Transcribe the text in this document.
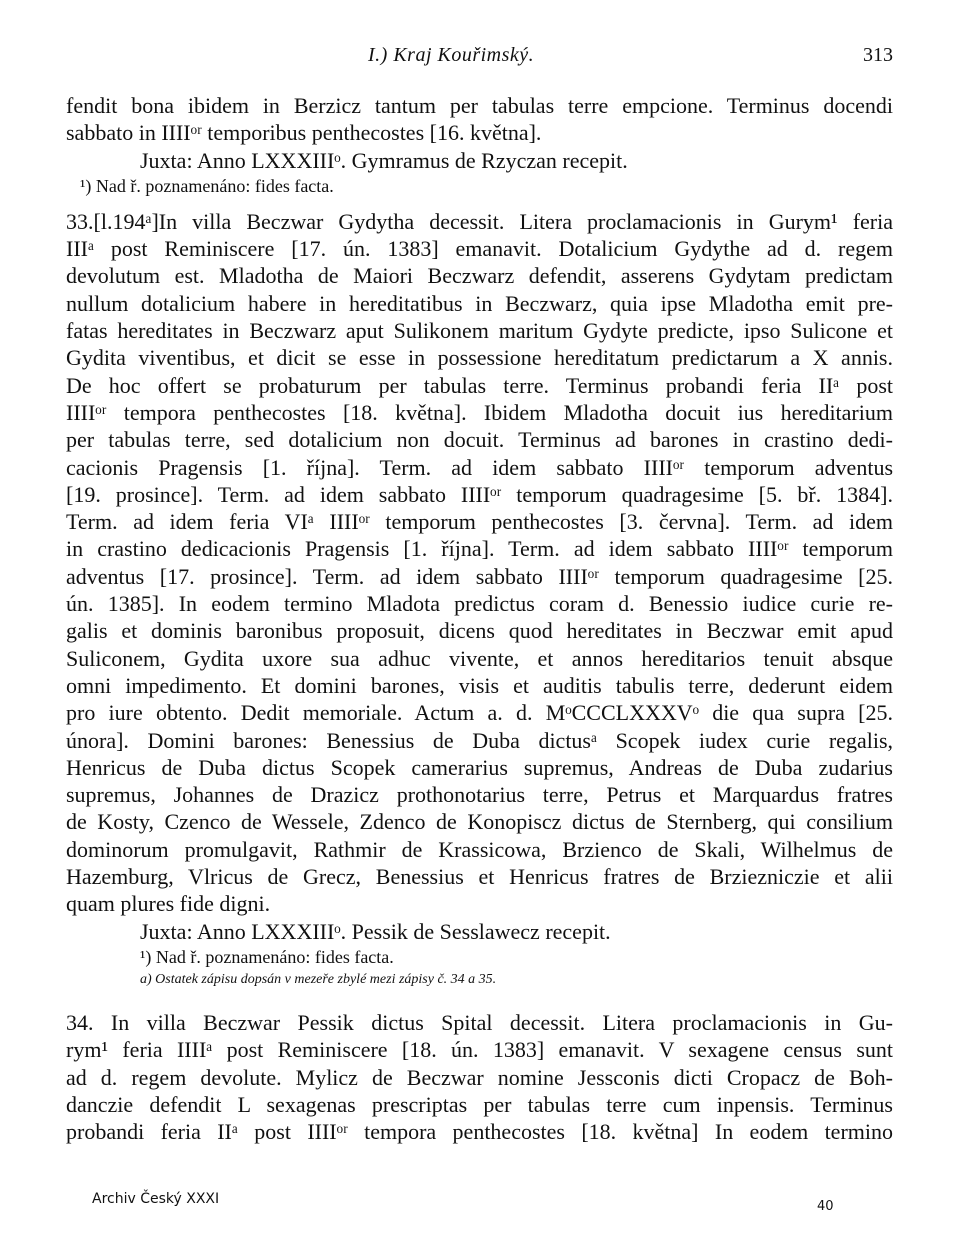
I.) Kraj Kouřimský.	313
fendit bona ibidem in Berzicz tantum per tabulas terre empcione. Terminus docendi
sabbato in IIIIᵒʳ temporibus penthecostes [16. května].
Juxta: Anno LXXXIIIᵒ. Gymramus de Rzyczan recepit.
¹) Nad ř. poznamenáno: fides facta.
33.[l.194ᵃ]In villa Beczwar Gydytha decessit. Litera proclamacionis in Gurym¹ feria
IIIᵃ post Reminiscere [17. ún. 1383] emanavit. Dotalicium Gydythe ad d. regem
devolutum est. Mladotha de Maiori Beczwarz defendit, asserens Gydytam predictam
nullum dotalicium habere in hereditatibus in Beczwarz, quia ipse Mladotha emit pre-
fatas hereditates in Beczwarz aput Sulikonem maritum Gydyte predicte, ipso Sulicone et
Gydita viventibus, et dicit se esse in possessione hereditatum predictarum a X annis.
De hoc offert se probaturum per tabulas terre. Terminus probandi feria IIᵃ post
IIIIᵒʳ tempora penthecostes [18. května]. Ibidem Mladotha docuit ius hereditarium
per tabulas terre, sed dotalicium non docuit. Terminus ad barones in crastino dedi-
cacionis Pragensis [1. října]. Term. ad idem sabbato IIIIᵒʳ temporum adventus
[19. prosince]. Term. ad idem sabbato IIIIᵒʳ temporum quadragesime [5. bř. 1384].
Term. ad idem feria VIᵃ IIIIᵒʳ temporum penthecostes [3. června]. Term. ad idem
in crastino dedicacionis Pragensis [1. října]. Term. ad idem sabbato IIIIᵒʳ temporum
adventus [17. prosince]. Term. ad idem sabbato IIIIᵒʳ temporum quadragesime [25.
ún. 1385]. In eodem termino Mladota predictus coram d. Benessio iudice curie re-
galis et dominis baronibus proposuit, dicens quod hereditates in Beczwar emit apud
Suliconem, Gydita uxore sua adhuc vivente, et annos hereditarios tenuit absque
omni impedimento. Et domini barones, visis et auditis tabulis terre, dederunt eidem
pro iure obtento. Dedit memoriale. Actum a. d. MᵒCCCLXXXVᵒ die qua supra [25.
února]. Domini barones: Benessius de Duba dictusᵃ Scopek iudex curie regalis,
Henricus de Duba dictus Scopek camerarius supremus, Andreas de Duba zudarius
supremus, Johannes de Drazicz prothonotarius terre, Petrus et Marquardus fratres
de Kosty, Czenco de Wessele, Zdenco de Konopiscz dictus de Sternberg, qui consilium
dominorum promulgavit, Rathmir de Krassicowa, Brzienco de Skali, Wilhelmus de
Hazemburg, Vlricus de Grecz, Benessius et Henricus fratres de Brziezniczie et alii
quam plures fide digni.
Juxta: Anno LXXXIIIᵒ. Pessik de Sesslawecz recepit.
¹) Nad ř. poznamenáno: fides facta.
a) Ostatek zápisu dopsán v mezeře zbylé mezi zápisy č. 34 a 35.
34. In villa Beczwar Pessik dictus Spital decessit. Litera proclamacionis in Gu-
rym¹ feria IIIIᵃ post Reminiscere [18. ún. 1383] emanavit. V sexagene census sunt
ad d. regem devolute. Mylicz de Beczwar nomine Jessconis dicti Cropacz de Boh-
danczie defendit L sexagenas prescriptas per tabulas terre cum inpensis. Terminus
probandi feria IIᵃ post IIIIᵒʳ tempora penthecostes [18. května] In eodem termino
Archiv Český XXXI	40
